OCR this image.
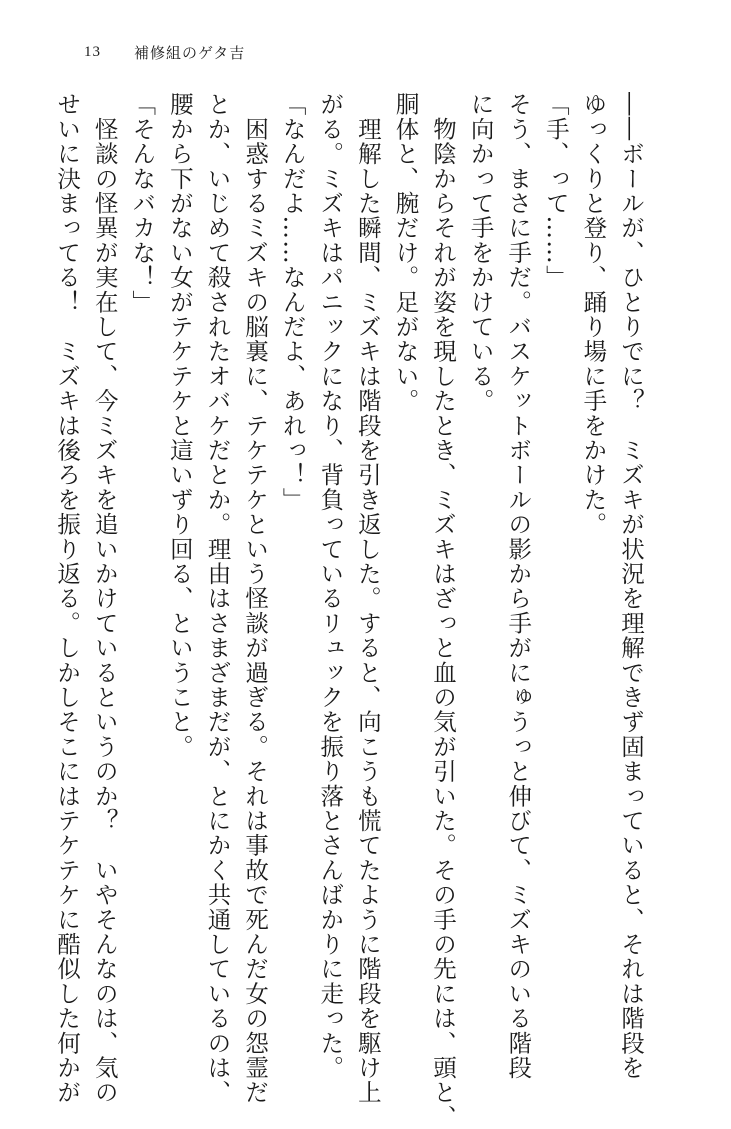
13	補修組のゲタ吉
――ボールが、ひとりでに？　ミズキが状況を理解できず固まっていると、それは階段を
ゆっくりと登り、踊り場に手をかけた。
「手、って……」
そう、まさに手だ。バスケットボールの影から手がにゅうっと伸びて、ミズキのいる階段
に向かって手をかけている。
　物陰からそれが姿を現したとき、ミズキはざっと血の気が引いた。その手の先には、頭と、
胴体と、腕だけ。足がない。
　理解した瞬間、ミズキは階段を引き返した。すると、向こうも慌てたように階段を駆け上
がる。ミズキはパニックになり、背負っているリュックを振り落とさんばかりに走った。
「なんだよ……なんだよ、あれっ！」
　困惑するミズキの脳裏に、テケテケという怪談が過ぎる。それは事故で死んだ女の怨霊だ
とか、いじめて殺されたオバケだとか。理由はさまざまだが、とにかく共通しているのは、
腰から下がない女がテケテケと這いずり回る、ということ。
「そんなバカな！」
　怪談の怪異が実在して、今ミズキを追いかけているというのか？　いやそんなのは、気の
せいに決まってる！　ミズキは後ろを振り返る。しかしそこにはテケテケに酷似した何かが
